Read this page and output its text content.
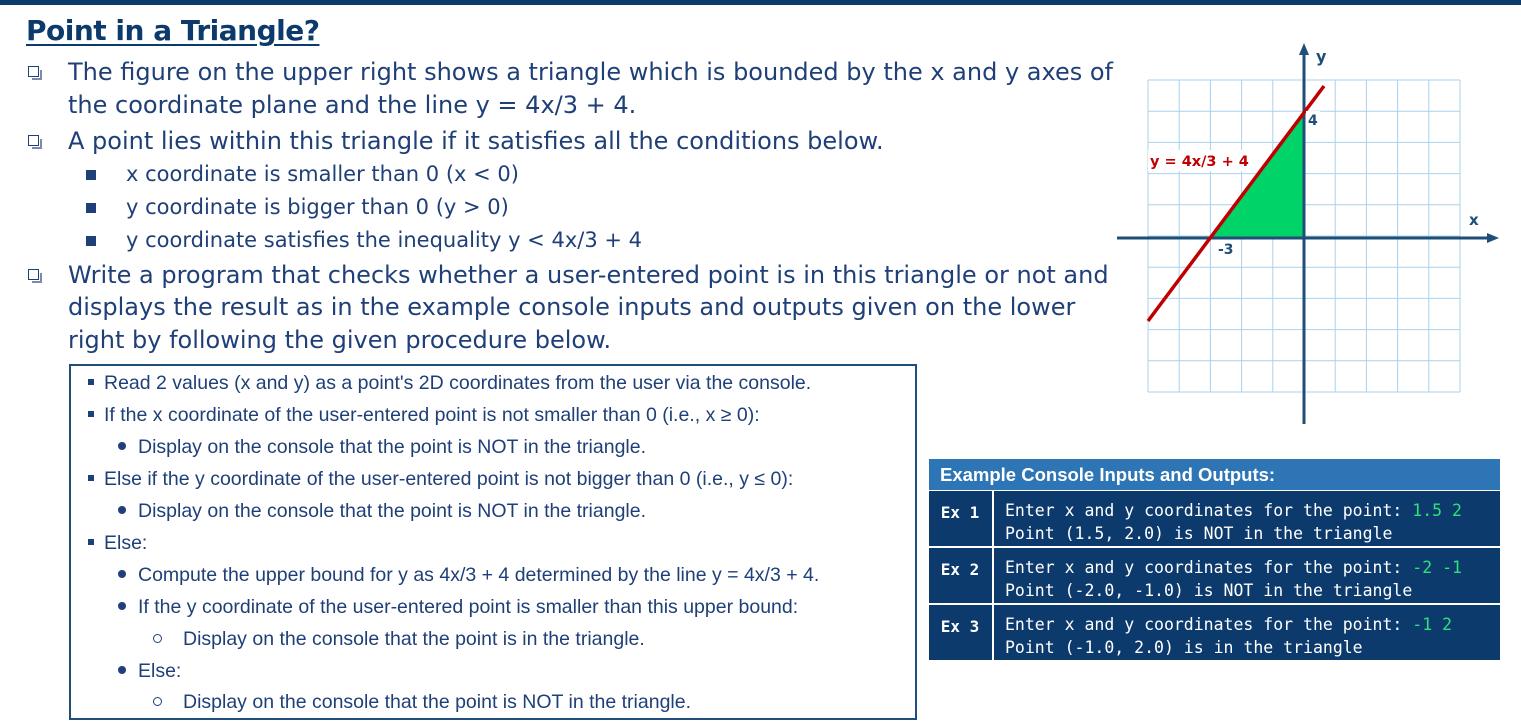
Point in a Triangle?
The figure on the upper right shows a triangle which is bounded by the x and y axes of the coordinate plane and the line y = 4x/3 + 4.
A point lies within this triangle if it satisfies all the conditions below.
x coordinate is smaller than 0 (x < 0)
y coordinate is bigger than 0 (y > 0)
y coordinate satisfies the inequality y < 4x/3 + 4
Write a program that checks whether a user-entered point is in this triangle or not and displays the result as in the example console inputs and outputs given on the lower right by following the given procedure below.
Read 2 values (x and y) as a point's 2D coordinates from the user via the console.
If the x coordinate of the user-entered point is not smaller than 0 (i.e., x ≥ 0):
Display on the console that the point is NOT in the triangle.
Else if the y coordinate of the user-entered point is not bigger than 0 (i.e., y ≤ 0):
Display on the console that the point is NOT in the triangle.
Else:
Compute the upper bound for y as 4x/3 + 4 determined by the line y = 4x/3 + 4.
If the y coordinate of the user-entered point is smaller than this upper bound:
Display on the console that the point is in the triangle.
Else:
Display on the console that the point is NOT in the triangle.
Example Console Inputs and Outputs:
Ex 1	Enter x and y coordinates for the point: 1.5 2
Point (1.5, 2.0) is NOT in the triangle
Ex 2	Enter x and y coordinates for the point: -2 -1
Point (-2.0, -1.0) is NOT in the triangle
Ex 3	Enter x and y coordinates for the point: -1 2
Point (-1.0, 2.0) is in the triangle
y
x
4
-3
y = 4x/3 + 4
